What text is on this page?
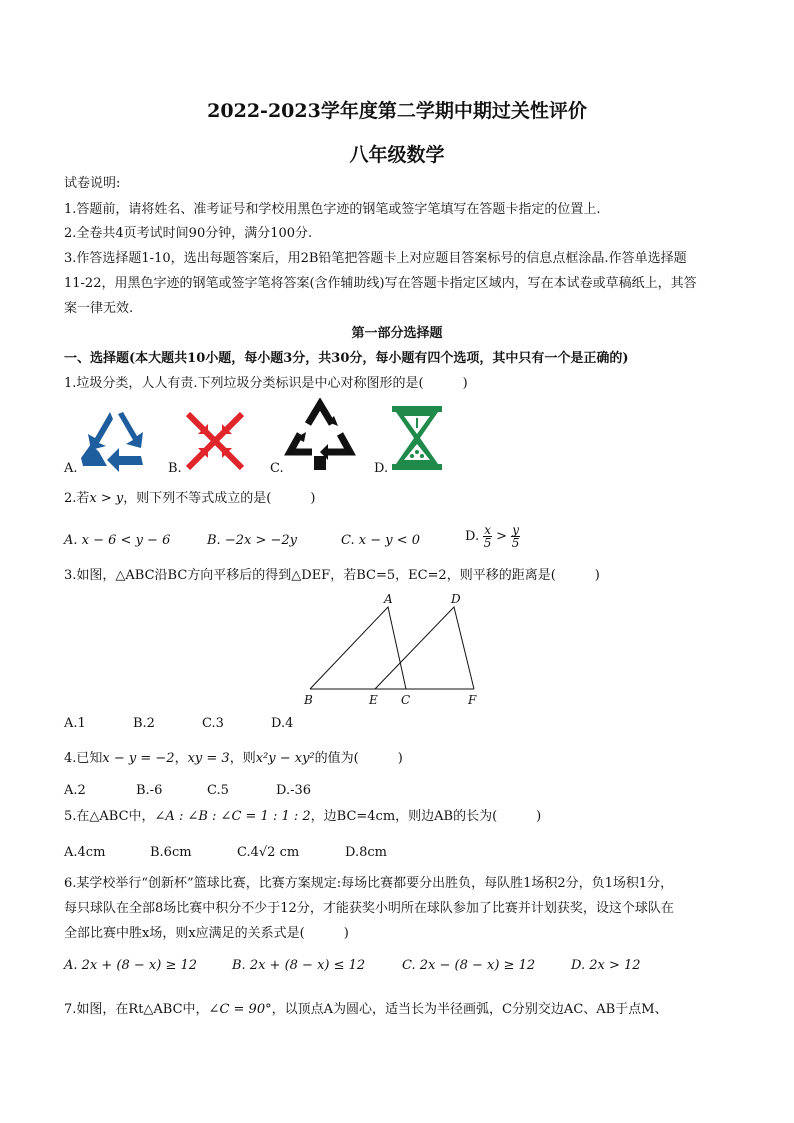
2022-2023学年度第二学期中期过关性评价
八年级数学
试卷说明:
1.答题前，请将姓名、准考证号和学校用黑色字迹的钢笔或签字笔填写在答题卡指定的位置上.
2.全卷共4页考试时间90分钟，满分100分.
3.作答选择题1-10，选出每题答案后，用2B铅笔把答题卡上对应题目答案标号的信息点框涂晶.作答单选择题
11-22，用黑色字迹的钢笔或签字笔将答案(含作辅助线)写在答题卡指定区域内，写在本试卷或草稿纸上，其答
案一律无效.
第一部分选择题
一、选择题(本大题共10小题，每小题3分，共30分，每小题有四个选项，其中只有一个是正确的)
1.垃圾分类，人人有责.下列垃圾分类标识是中心对称图形的是(　　　)
A.	B.	C.	D.
2.若x > y，则下列不等式成立的是(　　　)
A. x − 6 < y − 6	B. −2x > −2y	C. x − y < 0	D. $\frac{x}{5} > \frac{y}{5}$
3.如图，△ABC沿BC方向平移后的得到△DEF，若BC=5，EC=2，则平移的距离是(　　　)
A	D
B	E C	F
A.1	B.2	C.3	D.4
4.已知x − y = −2，xy = 3，则x²y − xy²的值为(　　　)
A.2	B.-6	C.5	D.-36
5.在△ABC中，∠A : ∠B : ∠C = 1 : 1 : 2，边BC=4cm，则边AB的长为(　　　)
A.4cm	B.6cm	C.4√2 cm	D.8cm
6.某学校举行“创新杯”篮球比赛，比赛方案规定:每场比赛都要分出胜负，每队胜1场积2分，负1场积1分，
每只球队在全部8场比赛中积分不少于12分，才能获奖小明所在球队参加了比赛并计划获奖，设这个球队在
全部比赛中胜x场，则x应满足的关系式是(　　　)
A. 2x + (8 − x) ≥ 12	B. 2x + (8 − x) ≤ 12	C. 2x − (8 − x) ≥ 12	D. 2x > 12
7.如图，在Rt△ABC中，∠C = 90°，以顶点A为圆心，适当长为半径画弧，C分别交边AC、AB于点M、
